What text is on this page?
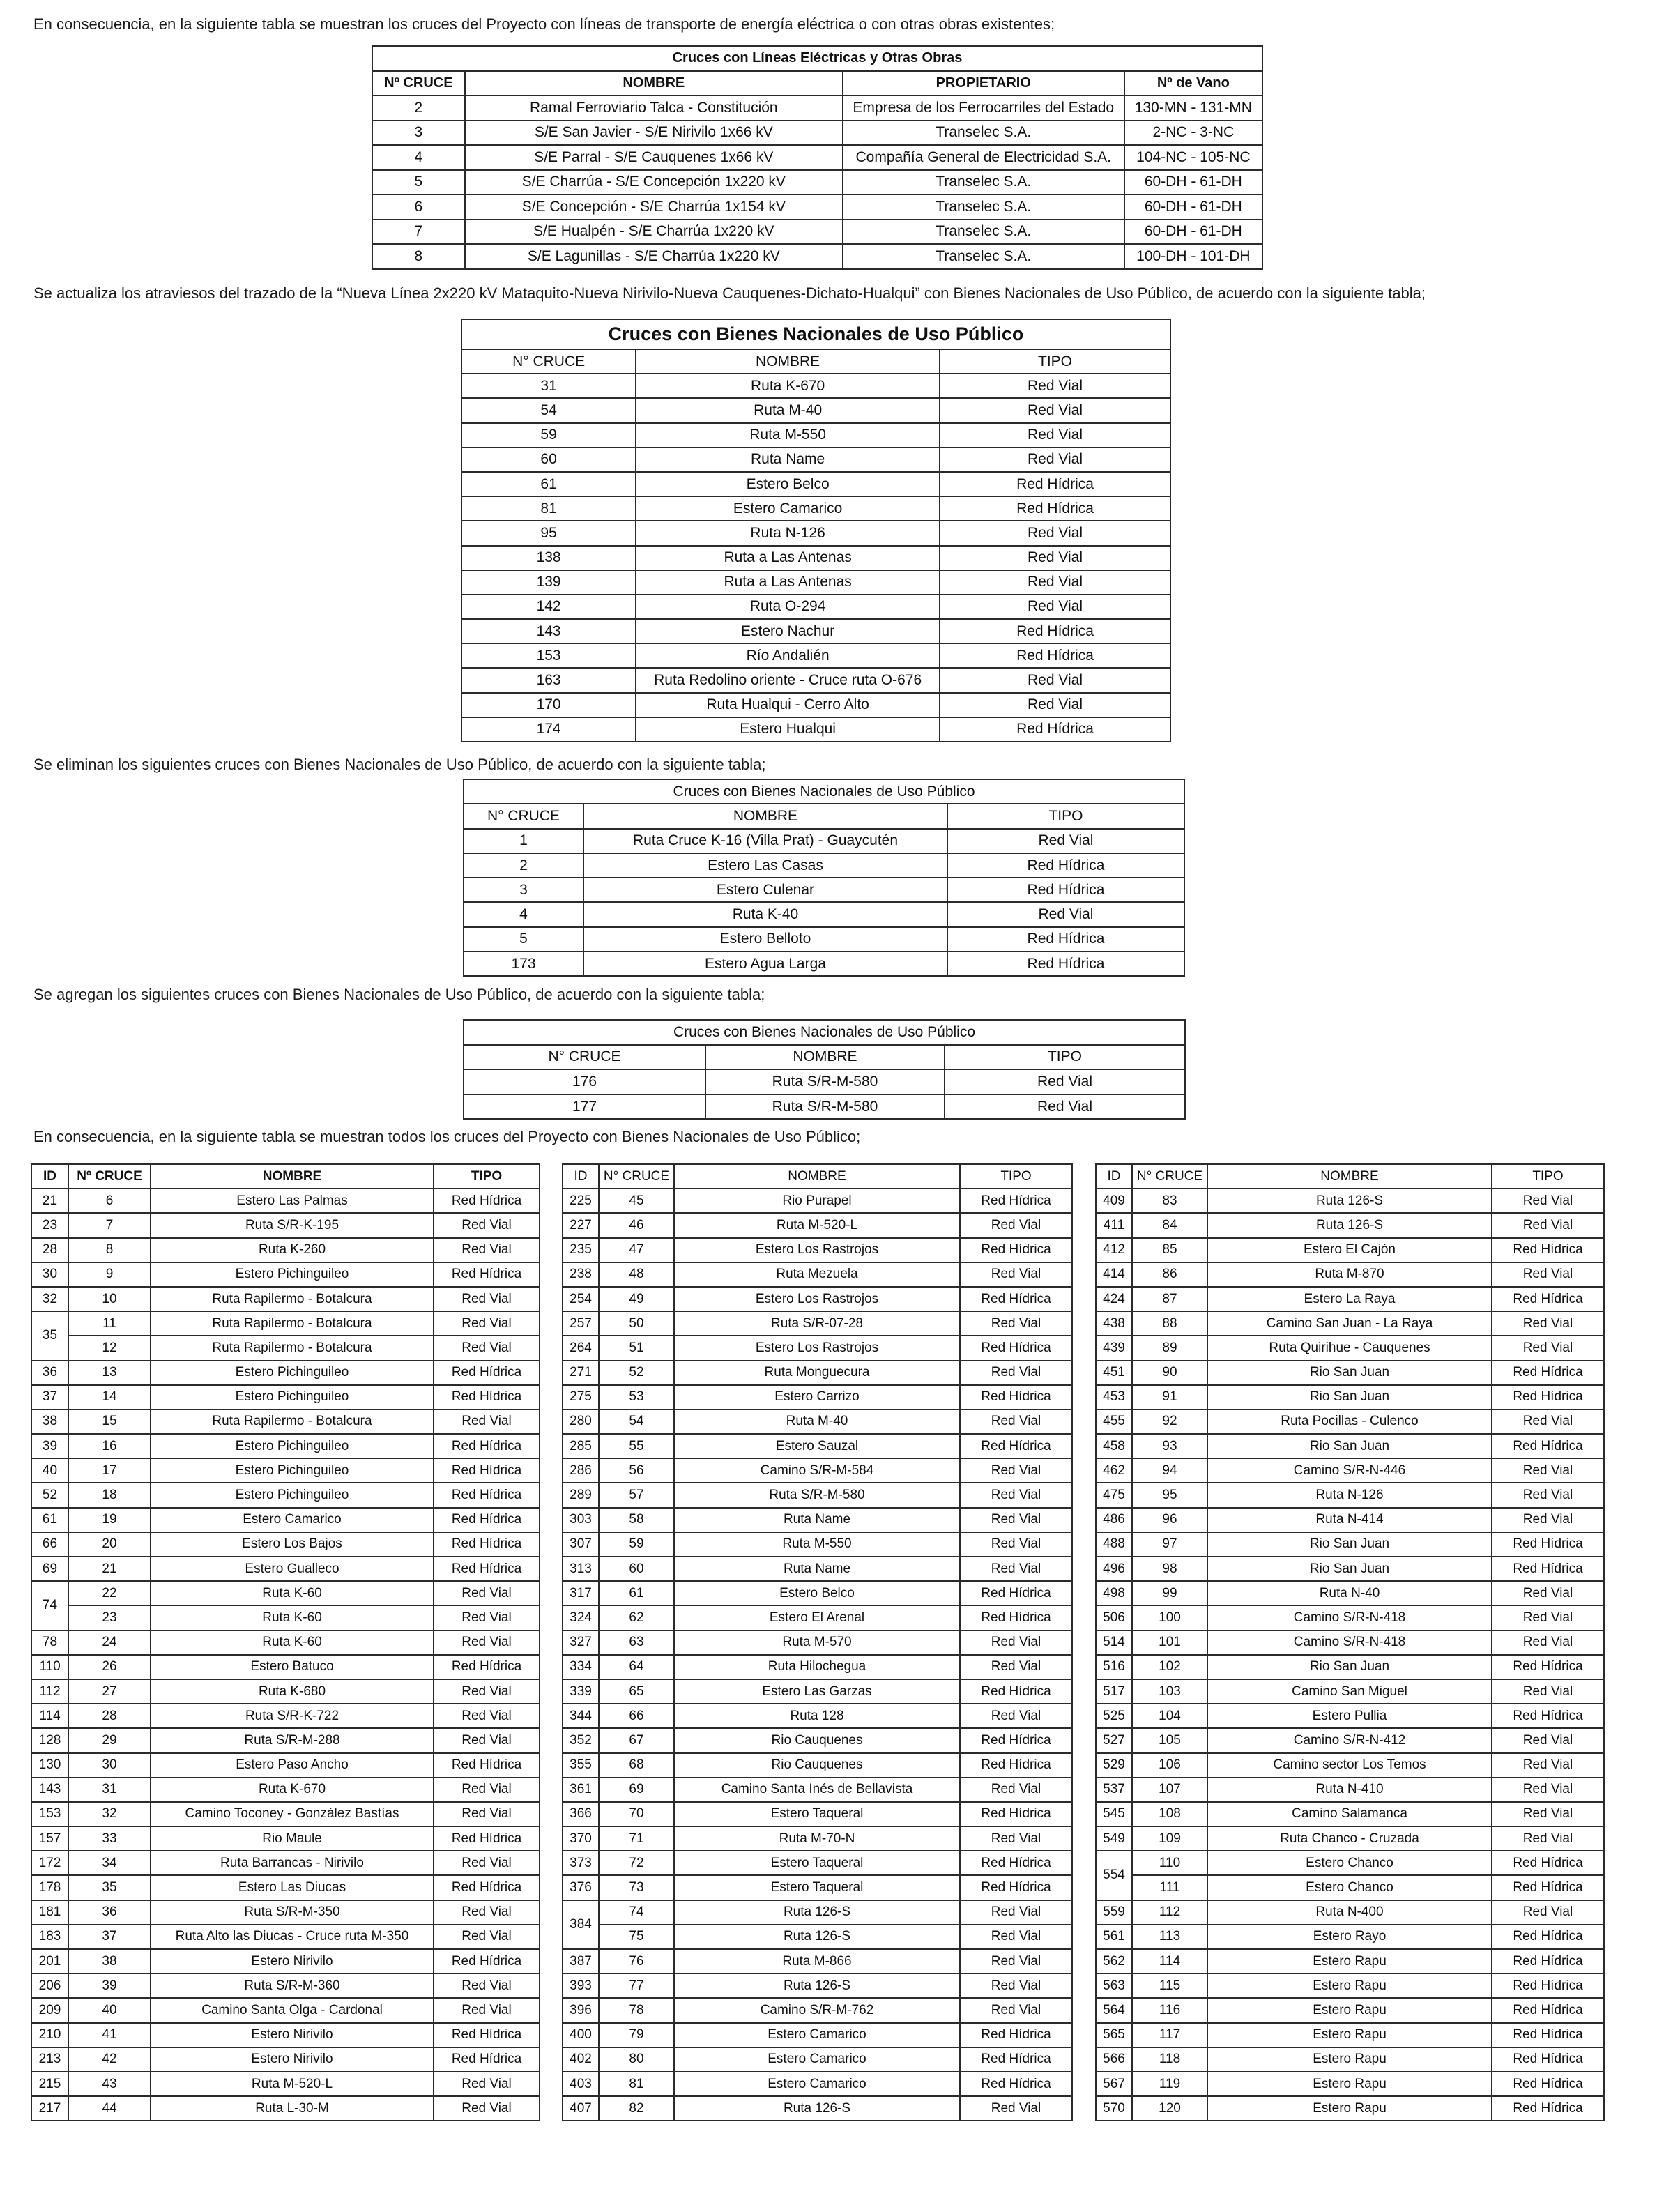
En consecuencia, en la siguiente tabla se muestran los cruces del Proyecto con líneas de transporte de energía eléctrica o con otras obras existentes;
Cruces con Líneas Eléctricas y Otras Obras			
Nº CRUCE	NOMBRE	PROPIETARIO	Nº de Vano
2	Ramal Ferroviario Talca - Constitución	Empresa de los Ferrocarriles del Estado	130-MN - 131-MN
3	S/E San Javier - S/E Nirivilo 1x66 kV	Transelec S.A.	2-NC - 3-NC
4	S/E Parral - S/E Cauquenes 1x66 kV	Compañía General de Electricidad S.A.	104-NC - 105-NC
5	S/E Charrúa - S/E Concepción 1x220 kV	Transelec S.A.	60-DH - 61-DH
6	S/E Concepción - S/E Charrúa 1x154 kV	Transelec S.A.	60-DH - 61-DH
7	S/E Hualpén - S/E Charrúa 1x220 kV	Transelec S.A.	60-DH - 61-DH
8	S/E Lagunillas - S/E Charrúa 1x220 kV	Transelec S.A.	100-DH - 101-DH
Se actualiza los atraviesos del trazado de la “Nueva Línea 2x220 kV Mataquito-Nueva Nirivilo-Nueva Cauquenes-Dichato-Hualqui” con Bienes Nacionales de Uso Público, de acuerdo con la siguiente tabla;
Cruces con Bienes Nacionales de Uso Público		
N° CRUCE	NOMBRE	TIPO
31	Ruta K-670	Red Vial
54	Ruta M-40	Red Vial
59	Ruta M-550	Red Vial
60	Ruta Name	Red Vial
61	Estero Belco	Red Hídrica
81	Estero Camarico	Red Hídrica
95	Ruta N-126	Red Vial
138	Ruta a Las Antenas	Red Vial
139	Ruta a Las Antenas	Red Vial
142	Ruta O-294	Red Vial
143	Estero Nachur	Red Hídrica
153	Río Andalién	Red Hídrica
163	Ruta Redolino oriente - Cruce ruta O-676	Red Vial
170	Ruta Hualqui - Cerro Alto	Red Vial
174	Estero Hualqui	Red Hídrica
Se eliminan los siguientes cruces con Bienes Nacionales de Uso Público, de acuerdo con la siguiente tabla;
Cruces con Bienes Nacionales de Uso Público		
N° CRUCE	NOMBRE	TIPO
1	Ruta Cruce K-16 (Villa Prat) - Guaycutén	Red Vial
2	Estero Las Casas	Red Hídrica
3	Estero Culenar	Red Hídrica
4	Ruta K-40	Red Vial
5	Estero Belloto	Red Hídrica
173	Estero Agua Larga	Red Hídrica
Se agregan los siguientes cruces con Bienes Nacionales de Uso Público, de acuerdo con la siguiente tabla;
Cruces con Bienes Nacionales de Uso Público		
N° CRUCE	NOMBRE	TIPO
176	Ruta S/R-M-580	Red Vial
177	Ruta S/R-M-580	Red Vial
En consecuencia, en la siguiente tabla se muestran todos los cruces del Proyecto con Bienes Nacionales de Uso Público;
ID	Nº CRUCE	NOMBRE	TIPO
21	6	Estero Las Palmas	Red Hídrica
23	7	Ruta S/R-K-195	Red Vial
28	8	Ruta K-260	Red Vial
30	9	Estero Pichinguileo	Red Hídrica
32	10	Ruta Rapilermo - Botalcura	Red Vial
35	11	Ruta Rapilermo - Botalcura	Red Vial
	12	Ruta Rapilermo - Botalcura	Red Vial
36	13	Estero Pichinguileo	Red Hídrica
37	14	Estero Pichinguileo	Red Hídrica
38	15	Ruta Rapilermo - Botalcura	Red Vial
39	16	Estero Pichinguileo	Red Hídrica
40	17	Estero Pichinguileo	Red Hídrica
52	18	Estero Pichinguileo	Red Hídrica
61	19	Estero Camarico	Red Hídrica
66	20	Estero Los Bajos	Red Hídrica
69	21	Estero Gualleco	Red Hídrica
74	22	Ruta K-60	Red Vial
	23	Ruta K-60	Red Vial
78	24	Ruta K-60	Red Vial
110	26	Estero Batuco	Red Hídrica
112	27	Ruta K-680	Red Vial
114	28	Ruta S/R-K-722	Red Vial
128	29	Ruta S/R-M-288	Red Vial
130	30	Estero Paso Ancho	Red Hídrica
143	31	Ruta K-670	Red Vial
153	32	Camino Toconey - González Bastías	Red Vial
157	33	Rio Maule	Red Hídrica
172	34	Ruta Barrancas - Nirivilo	Red Vial
178	35	Estero Las Diucas	Red Hídrica
181	36	Ruta S/R-M-350	Red Vial
183	37	Ruta Alto las Diucas - Cruce ruta M-350	Red Vial
201	38	Estero Nirivilo	Red Hídrica
206	39	Ruta S/R-M-360	Red Vial
209	40	Camino Santa Olga - Cardonal	Red Vial
210	41	Estero Nirivilo	Red Hídrica
213	42	Estero Nirivilo	Red Hídrica
215	43	Ruta M-520-L	Red Vial
217	44	Ruta L-30-M	Red Vial
ID	N° CRUCE	NOMBRE	TIPO
225	45	Rio Purapel	Red Hídrica
227	46	Ruta M-520-L	Red Vial
235	47	Estero Los Rastrojos	Red Hídrica
238	48	Ruta Mezuela	Red Vial
254	49	Estero Los Rastrojos	Red Hídrica
257	50	Ruta S/R-07-28	Red Vial
264	51	Estero Los Rastrojos	Red Hídrica
271	52	Ruta Monguecura	Red Vial
275	53	Estero Carrizo	Red Hídrica
280	54	Ruta M-40	Red Vial
285	55	Estero Sauzal	Red Hídrica
286	56	Camino S/R-M-584	Red Vial
289	57	Ruta S/R-M-580	Red Vial
303	58	Ruta Name	Red Vial
307	59	Ruta M-550	Red Vial
313	60	Ruta Name	Red Vial
317	61	Estero Belco	Red Hídrica
324	62	Estero El Arenal	Red Hídrica
327	63	Ruta M-570	Red Vial
334	64	Ruta Hilochegua	Red Vial
339	65	Estero Las Garzas	Red Hídrica
344	66	Ruta 128	Red Vial
352	67	Rio Cauquenes	Red Hídrica
355	68	Rio Cauquenes	Red Hídrica
361	69	Camino Santa Inés de Bellavista	Red Vial
366	70	Estero Taqueral	Red Hídrica
370	71	Ruta M-70-N	Red Vial
373	72	Estero Taqueral	Red Hídrica
376	73	Estero Taqueral	Red Hídrica
384	74	Ruta 126-S	Red Vial
	75	Ruta 126-S	Red Vial
387	76	Ruta M-866	Red Vial
393	77	Ruta 126-S	Red Vial
396	78	Camino S/R-M-762	Red Vial
400	79	Estero Camarico	Red Hídrica
402	80	Estero Camarico	Red Hídrica
403	81	Estero Camarico	Red Hídrica
407	82	Ruta 126-S	Red Vial
ID	N° CRUCE	NOMBRE	TIPO
409	83	Ruta 126-S	Red Vial
411	84	Ruta 126-S	Red Vial
412	85	Estero El Cajón	Red Hídrica
414	86	Ruta M-870	Red Vial
424	87	Estero La Raya	Red Hídrica
438	88	Camino San Juan - La Raya	Red Vial
439	89	Ruta Quirihue - Cauquenes	Red Vial
451	90	Rio San Juan	Red Hídrica
453	91	Rio San Juan	Red Hídrica
455	92	Ruta Pocillas - Culenco	Red Vial
458	93	Rio San Juan	Red Hídrica
462	94	Camino S/R-N-446	Red Vial
475	95	Ruta N-126	Red Vial
486	96	Ruta N-414	Red Vial
488	97	Rio San Juan	Red Hídrica
496	98	Rio San Juan	Red Hídrica
498	99	Ruta N-40	Red Vial
506	100	Camino S/R-N-418	Red Vial
514	101	Camino S/R-N-418	Red Vial
516	102	Rio San Juan	Red Hídrica
517	103	Camino San Miguel	Red Vial
525	104	Estero Pullia	Red Hídrica
527	105	Camino S/R-N-412	Red Vial
529	106	Camino sector Los Temos	Red Vial
537	107	Ruta N-410	Red Vial
545	108	Camino Salamanca	Red Vial
549	109	Ruta Chanco - Cruzada	Red Vial
554	110	Estero Chanco	Red Hídrica
	111	Estero Chanco	Red Hídrica
559	112	Ruta N-400	Red Vial
561	113	Estero Rayo	Red Hídrica
562	114	Estero Rapu	Red Hídrica
563	115	Estero Rapu	Red Hídrica
564	116	Estero Rapu	Red Hídrica
565	117	Estero Rapu	Red Hídrica
566	118	Estero Rapu	Red Hídrica
567	119	Estero Rapu	Red Hídrica
570	120	Estero Rapu	Red Hídrica
